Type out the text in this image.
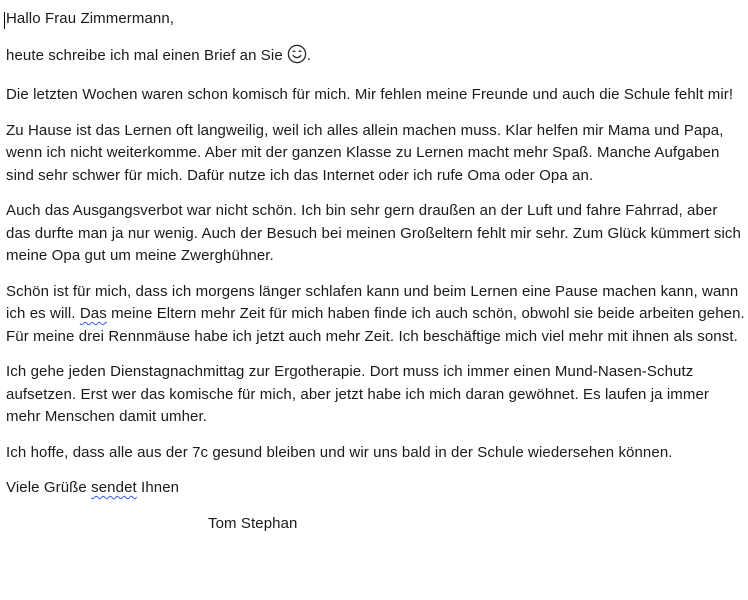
Hallo Frau Zimmermann,

heute schreibe ich mal einen Brief an Sie .

Die letzten Wochen waren schon komisch für mich. Mir fehlen meine Freunde und auch die Schule fehlt mir!

Zu Hause ist das Lernen oft langweilig, weil ich alles allein machen muss. Klar helfen mir Mama und Papa, wenn ich nicht weiterkomme. Aber mit der ganzen Klasse zu Lernen macht mehr Spaß. Manche Aufgaben sind sehr schwer für mich. Dafür nutze ich das Internet oder ich rufe Oma oder Opa an.

Auch das Ausgangsverbot war nicht schön. Ich bin sehr gern draußen an der Luft und fahre Fahrrad, aber das durfte man ja nur wenig. Auch der Besuch bei meinen Großeltern fehlt mir sehr. Zum Glück kümmert sich meine Opa gut um meine Zwerghühner.

Schön ist für mich, dass ich morgens länger schlafen kann und beim Lernen eine Pause machen kann, wann ich es will. Das meine Eltern mehr Zeit für mich haben finde ich auch schön, obwohl sie beide arbeiten gehen. Für meine drei Rennmäuse habe ich jetzt auch mehr Zeit. Ich beschäftige mich viel mehr mit ihnen als sonst.

Ich gehe jeden Dienstagnachmittag zur Ergotherapie. Dort muss ich immer einen Mund-Nasen-Schutz aufsetzen. Erst wer das komische für mich, aber jetzt habe ich mich daran gewöhnet. Es laufen ja immer mehr Menschen damit umher.

Ich hoffe, dass alle aus der 7c gesund bleiben und wir uns bald in der Schule wiedersehen können.

Viele Grüße sendet Ihnen

Tom Stephan
